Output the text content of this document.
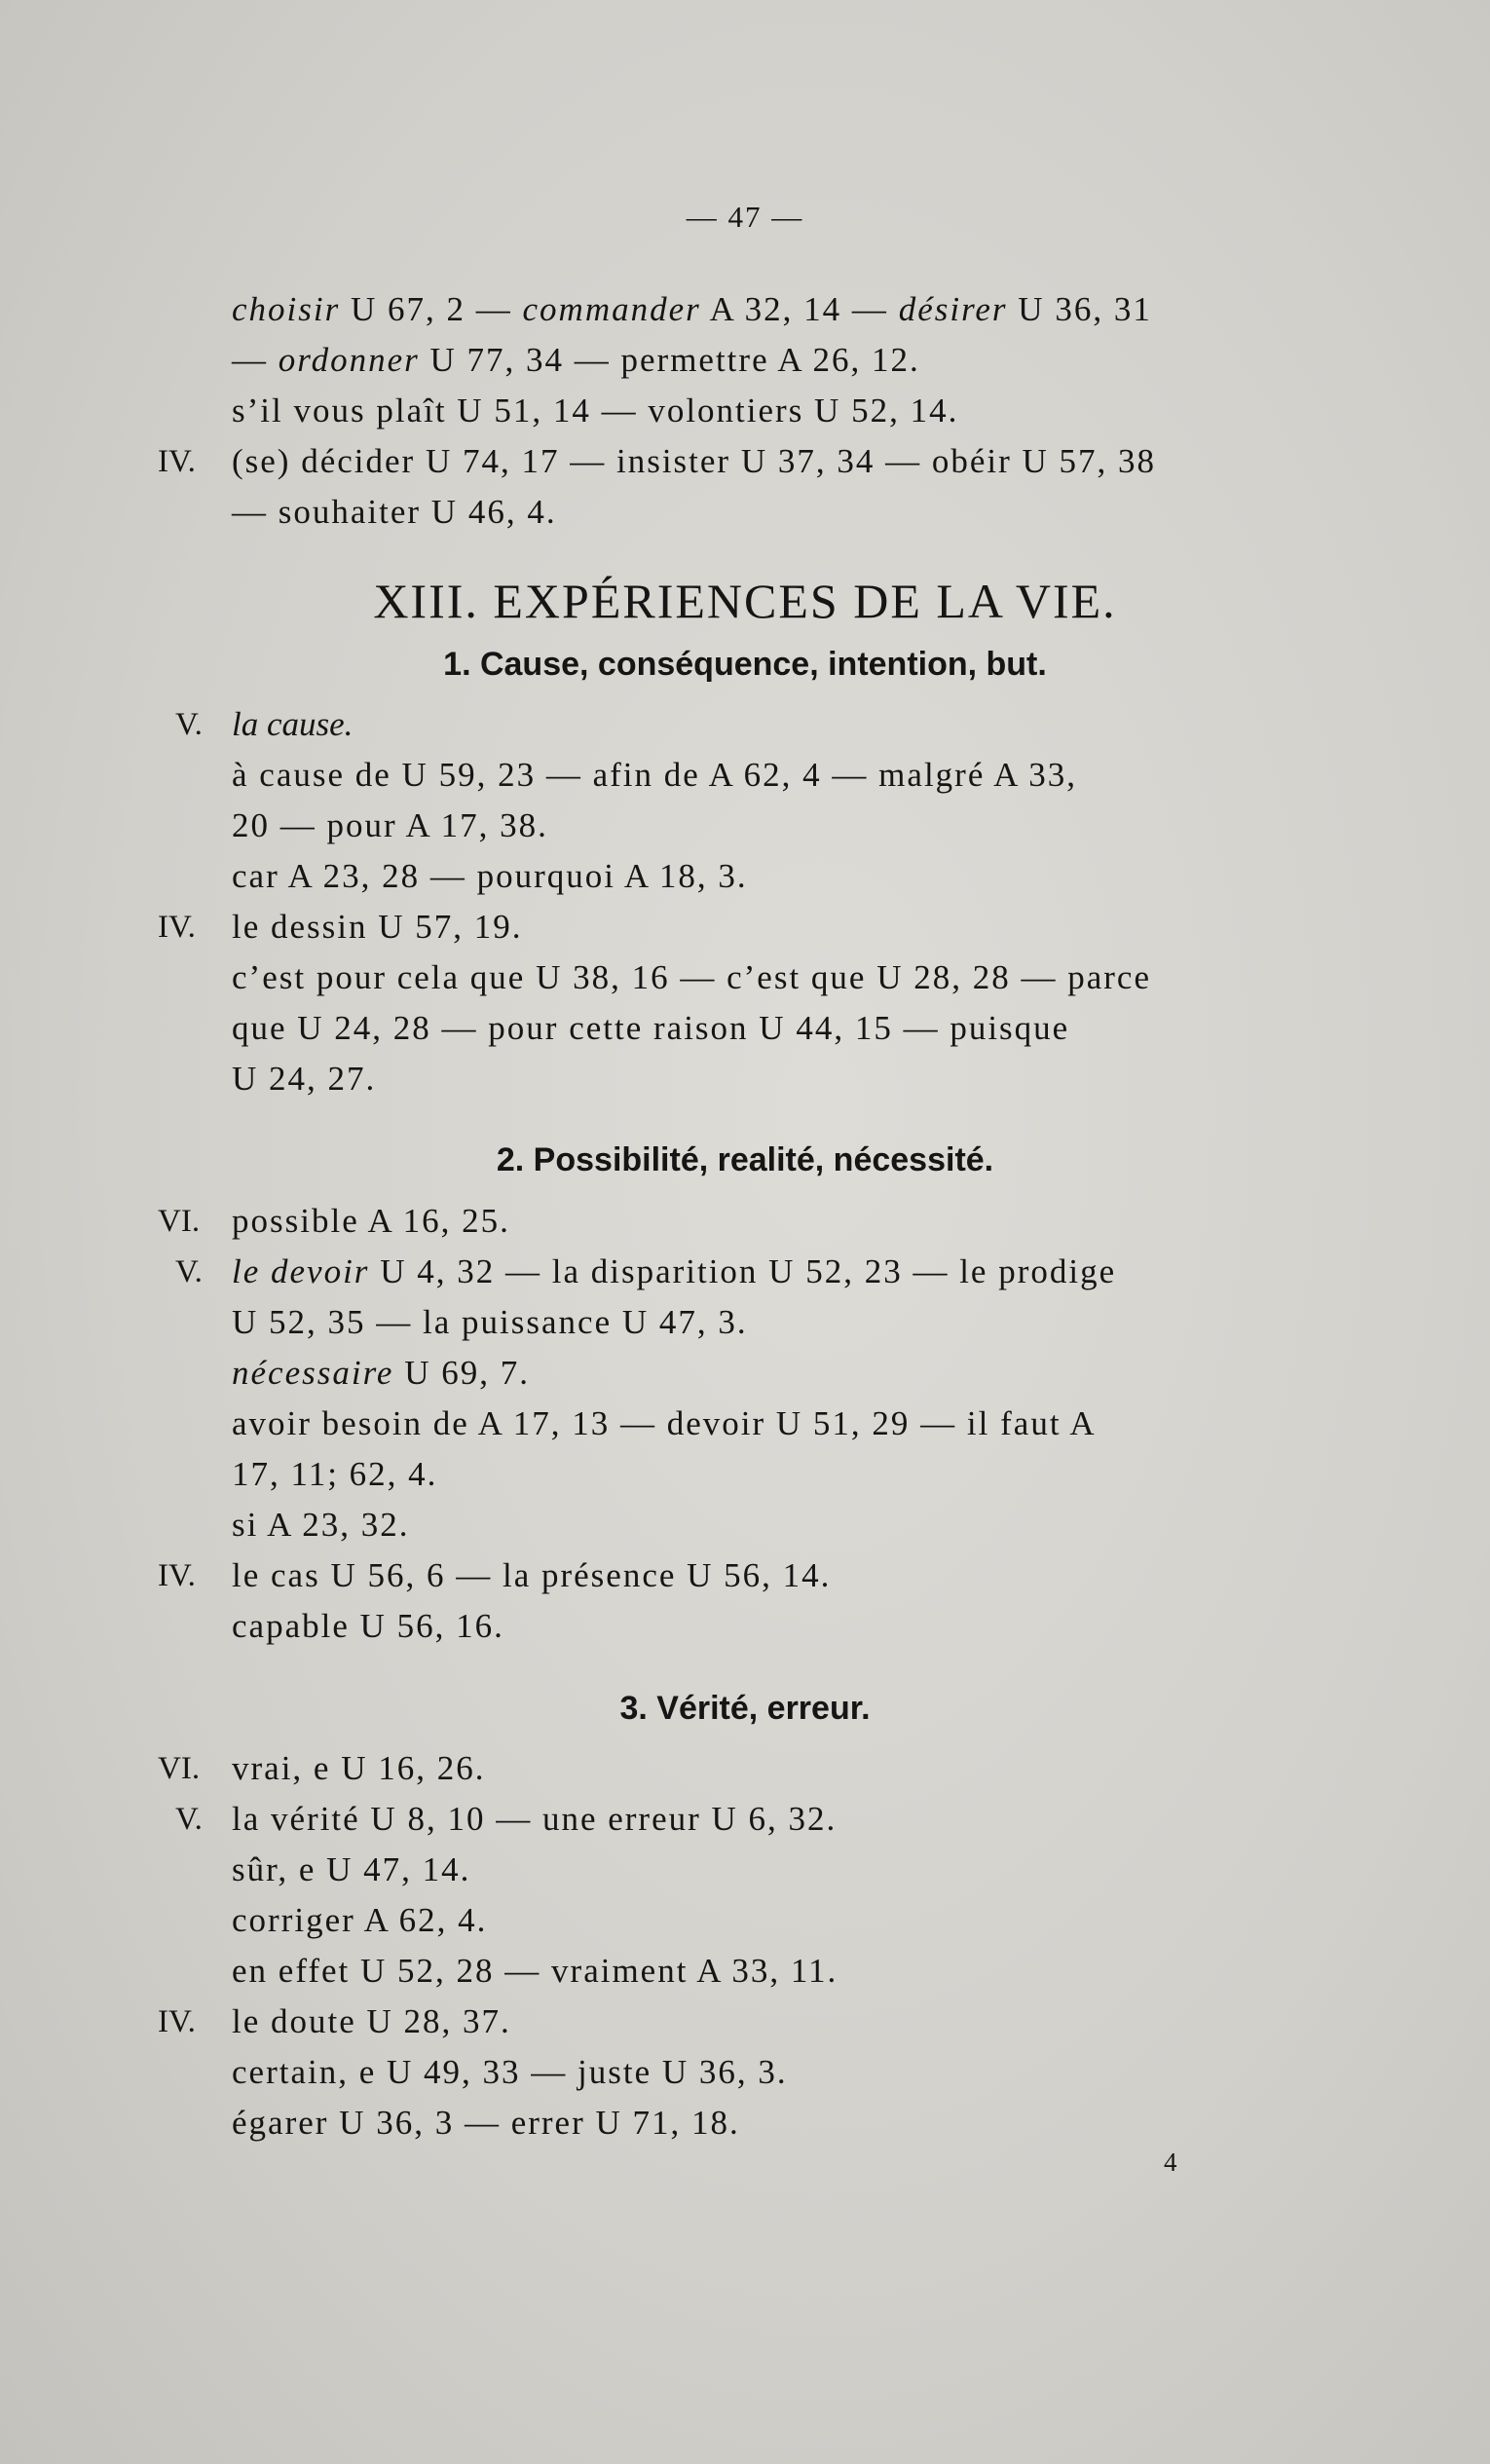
— 47 —
choisir U 67, 2 — commander A 32, 14 — désirer U 36, 31
— ordonner U 77, 34 — permettre A 26, 12.
s’il vous plaît U 51, 14 — volontiers U 52, 14.
IV. (se) décider U 74, 17 — insister U 37, 34 — obéir U 57, 38
— souhaiter U 46, 4.
XIII. EXPÉRIENCES DE LA VIE.
1. Cause, conséquence, intention, but.
V. la cause.
à cause de U 59, 23 — afin de A 62, 4 — malgré A 33,
20 — pour A 17, 38.
car A 23, 28 — pourquoi A 18, 3.
IV. le dessin U 57, 19.
c’est pour cela que U 38, 16 — c’est que U 28, 28 — parce
que U 24, 28 — pour cette raison U 44, 15 — puisque
U 24, 27.
2. Possibilité, realité, nécessité.
VI. possible A 16, 25.
V. le devoir U 4, 32 — la disparition U 52, 23 — le prodige
U 52, 35 — la puissance U 47, 3.
nécessaire U 69, 7.
avoir besoin de A 17, 13 — devoir U 51, 29 — il faut A
17, 11; 62, 4.
si A 23, 32.
IV. le cas U 56, 6 — la présence U 56, 14.
capable U 56, 16.
3. Vérité, erreur.
VI. vrai, e U 16, 26.
V. la vérité U 8, 10 — une erreur U 6, 32.
sûr, e U 47, 14.
corriger A 62, 4.
en effet U 52, 28 — vraiment A 33, 11.
IV. le doute U 28, 37.
certain, e U 49, 33 — juste U 36, 3.
égarer U 36, 3 — errer U 71, 18.
4
